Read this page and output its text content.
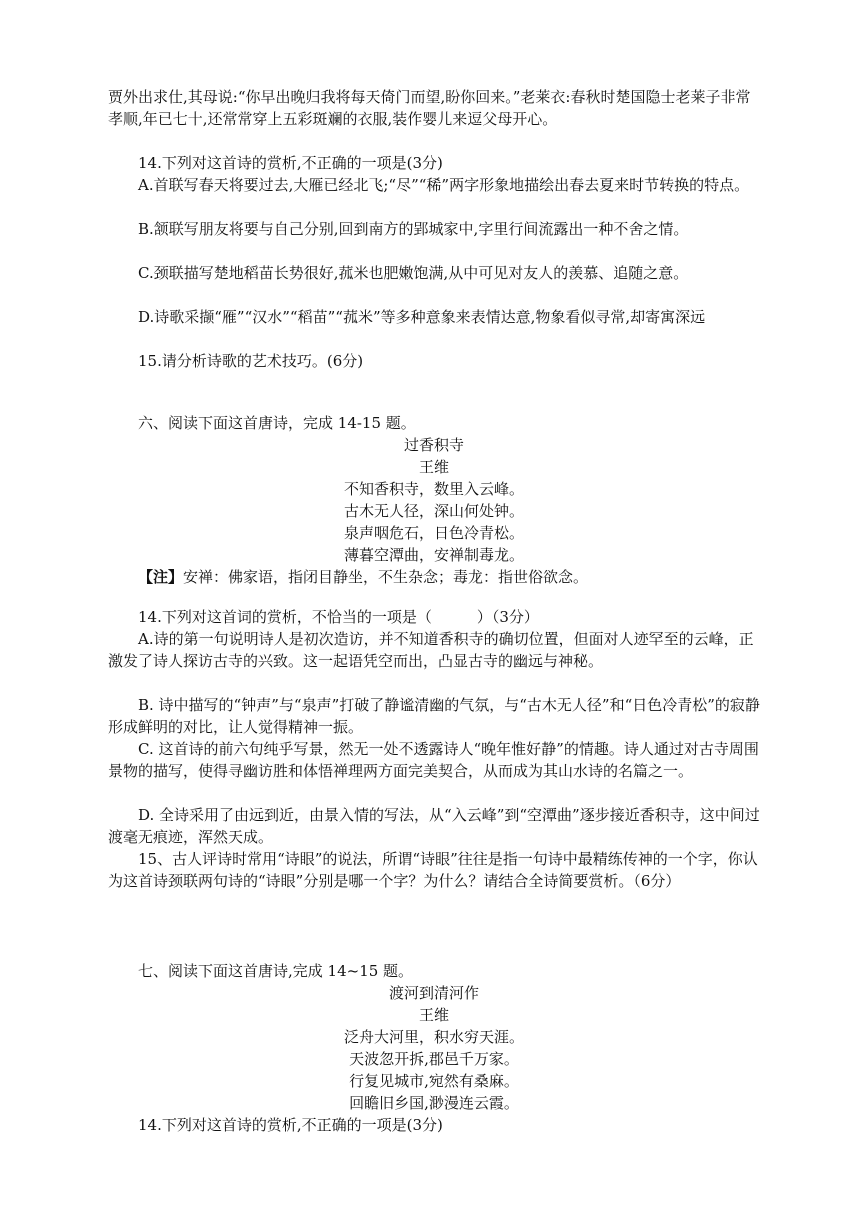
贾外出求仕,其母说:“你早出晚归我将每天倚门而望,盼你回来。”老莱衣:春秋时楚国隐士老莱子非常孝顺,年已七十,还常常穿上五彩斑斓的衣服,装作婴儿来逗父母开心。

14.下列对这首诗的赏析,不正确的一项是(3分)

A.首联写春天将要过去,大雁已经北飞;“尽”“稀”两字形象地描绘出春去夏来时节转换的特点。

B.颔联写朋友将要与自己分别,回到南方的郢城家中,字里行间流露出一种不舍之情。

C.颈联描写楚地稻苗长势很好,菰米也肥嫩饱满,从中可见对友人的羡慕、追随之意。

D.诗歌采撷“雁”“汉水”“稻苗”“菰米”等多种意象来表情达意,物象看似寻常,却寄寓深远

15.请分析诗歌的艺术技巧。(6分)

六、阅读下面这首唐诗，完成 14-15 题。

过香积寺

王维

不知香积寺，数里入云峰。

古木无人径，深山何处钟。

泉声咽危石，日色冷青松。

薄暮空潭曲，安禅制毒龙。

【注】安禅：佛家语，指闭目静坐，不生杂念；毒龙：指世俗欲念。

14.下列对这首词的赏析，不恰当的一项是（　　　）（3分）

A.诗的第一句说明诗人是初次造访，并不知道香积寺的确切位置，但面对人迹罕至的云峰，正激发了诗人探访古寺的兴致。这一起语凭空而出，凸显古寺的幽远与神秘。

B. 诗中描写的“钟声”与“泉声”打破了静谧清幽的气氛，与“古木无人径”和“日色冷青松”的寂静形成鲜明的对比，让人觉得精神一振。

C. 这首诗的前六句纯乎写景，然无一处不透露诗人“晚年惟好静”的情趣。诗人通过对古寺周围景物的描写，使得寻幽访胜和体悟禅理两方面完美契合，从而成为其山水诗的名篇之一。

D. 全诗采用了由远到近，由景入情的写法，从“入云峰”到“空潭曲”逐步接近香积寺，这中间过渡毫无痕迹，浑然天成。

15、古人评诗时常用“诗眼”的说法，所谓“诗眼”往往是指一句诗中最精练传神的一个字，你认为这首诗颈联两句诗的“诗眼”分别是哪一个字？为什么？请结合全诗简要赏析。（6分）

七、阅读下面这首唐诗,完成 14~15 题。

渡河到清河作

王维

泛舟大河里，积水穷天涯。

天波忽开拆,郡邑千万家。

行复见城市,宛然有桑麻。

回瞻旧乡国,渺漫连云霞。

14.下列对这首诗的赏析,不正确的一项是(3分)
